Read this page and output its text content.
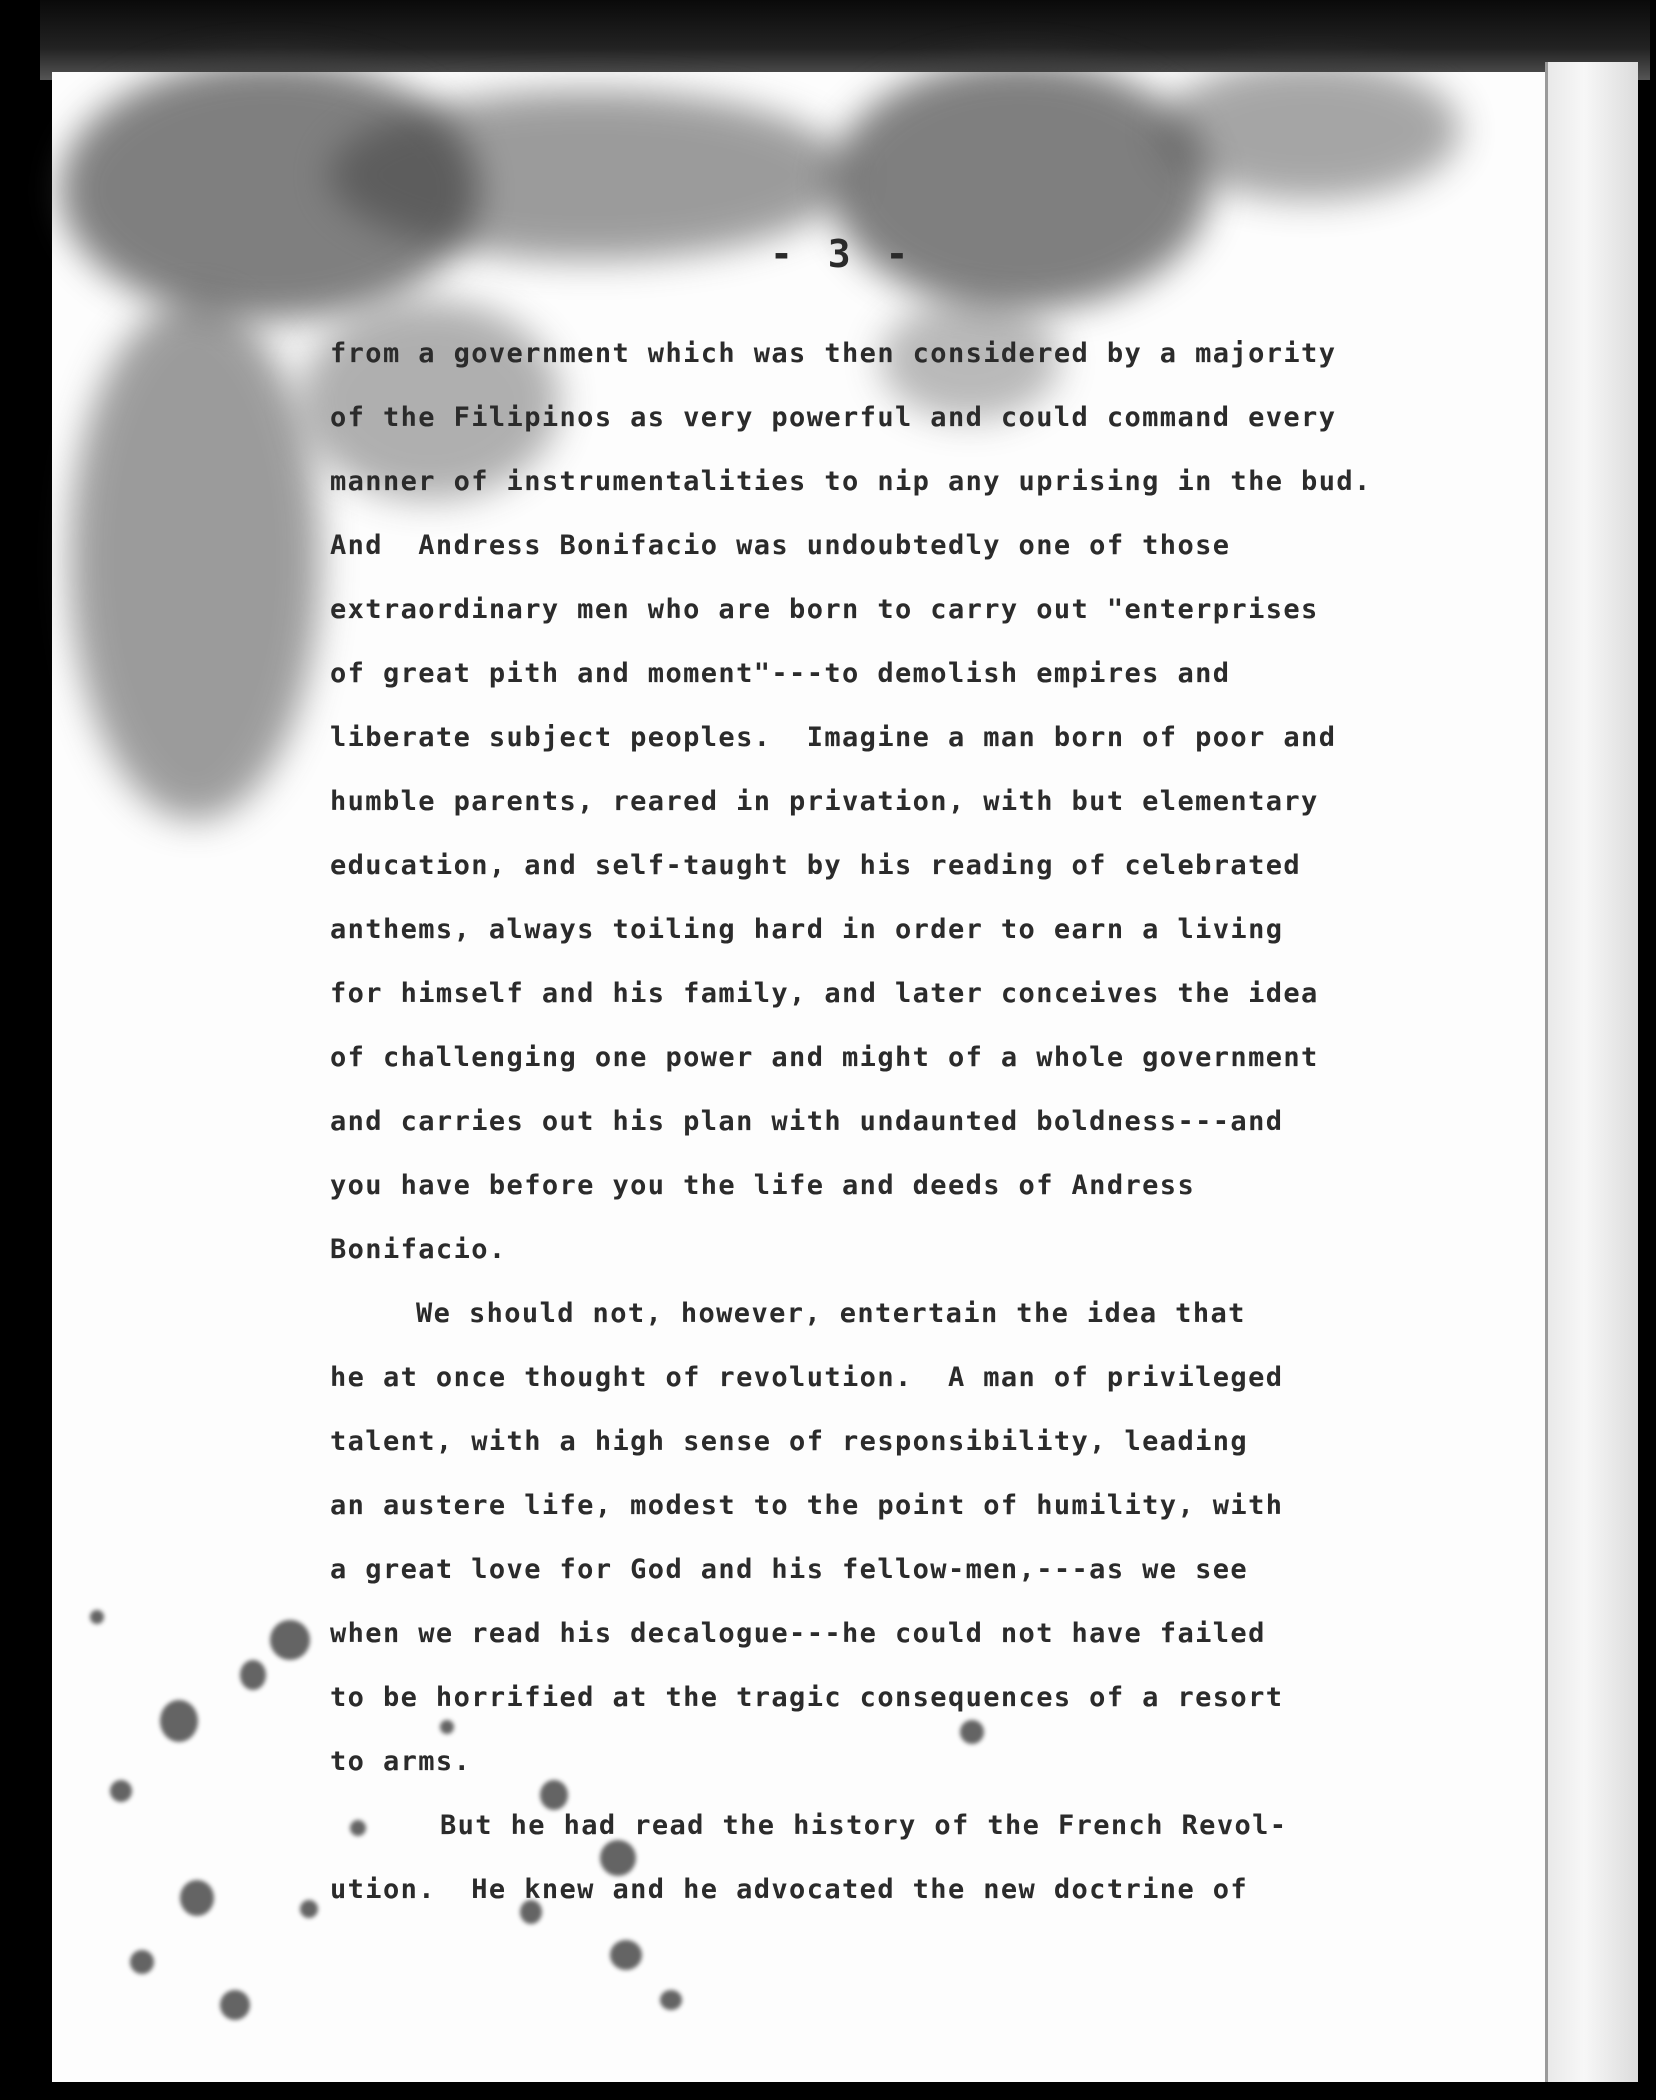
- 3 -
from a government which was then considered by a majority
of the Filipinos as very powerful and could command every
manner of instrumentalities to nip any uprising in the bud.
And  Andress Bonifacio was undoubtedly one of those
extraordinary men who are born to carry out "enterprises
of great pith and moment"---to demolish empires and
liberate subject peoples.  Imagine a man born of poor and
humble parents, reared in privation, with but elementary
education, and self-taught by his reading of celebrated
anthems, always toiling hard in order to earn a living
for himself and his family, and later conceives the idea
of challenging one power and might of a whole government
and carries out his plan with undaunted boldness---and
you have before you the life and deeds of Andress
Bonifacio.
We should not, however, entertain the idea that
he at once thought of revolution.  A man of privileged
talent, with a high sense of responsibility, leading
an austere life, modest to the point of humility, with
a great love for God and his fellow-men,---as we see
when we read his decalogue---he could not have failed
to be horrified at the tragic consequences of a resort
to arms.
But he had read the history of the French Revol-
ution.  He knew and he advocated the new doctrine of
